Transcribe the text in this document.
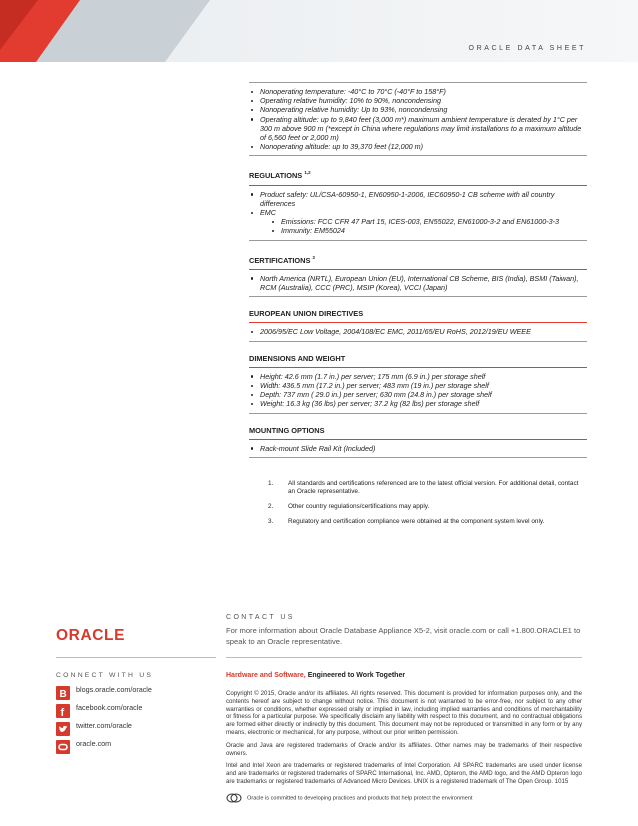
ORACLE DATA SHEET
Nonoperating temperature: -40°C to 70°C (-40°F to 158°F)
Operating relative humidity: 10% to 90%, noncondensing
Nonoperating relative humidity: Up to 93%, noncondensing
Operating altitude: up to 9,840 feet (3,000 m*) maximum ambient temperature is derated by 1°C per 300 m above 900 m (*except in China where regulations may limit installations to a maximum altitude of 6,560 feet or 2,000 m)
Nonoperating altitude: up to 39,370 feet (12,000 m)
REGULATIONS $^{1,2}$
Product safety: UL/CSA-60950-1, EN60950-1-2006, IEC60950-1 CB scheme with all country differences
EMC
Emissions: FCC CFR 47 Part 15, ICES-003, EN55022, EN61000-3-2 and EN61000-3-3
Immunity: EM55024
CERTIFICATIONS $^2$
North America (NRTL), European Union (EU), International CB Scheme, BIS (India), BSMI (Taiwan), RCM (Australia), CCC (PRC), MSIP (Korea), VCCI (Japan)
EUROPEAN UNION DIRECTIVES
2006/95/EC Low Voltage, 2004/108/EC EMC, 2011/65/EU RoHS, 2012/19/EU WEEE
DIMENSIONS AND WEIGHT
Height: 42.6 mm (1.7 in.) per server; 175 mm (6.9 in.) per storage shelf
Width: 436.5 mm (17.2 in.) per server; 483 mm (19 in.) per storage shelf
Depth: 737 mm ( 29.0 in.) per server; 630 mm (24.8 in.) per storage shelf
Weight: 16.3 kg (36 lbs) per server; 37.2 kg (82 lbs) per storage shelf
MOUNTING OPTIONS
Rack-mount Slide Rail Kit (Included)
1. All standards and certifications referenced are to the latest official version. For additional detail, contact an Oracle representative.
2. Other country regulations/certifications may apply.
3. Regulatory and certification compliance were obtained at the component system level only.
ORACLE
CONTACT US
For more information about Oracle Database Appliance X5-2, visit oracle.com or call +1.800.ORACLE1 to speak to an Oracle representative.
CONNECT WITH US
B blogs.oracle.com/oracle
f facebook.com/oracle
twitter.com/oracle
oracle.com
Hardware and Software, Engineered to Work Together

Copyright © 2015, Oracle and/or its affiliates. All rights reserved. This document is provided for information purposes only, and the contents hereof are subject to change without notice. This document is not warranted to be error-free, nor subject to any other warranties or conditions, whether expressed orally or implied in law, including implied warranties and conditions of merchantability or fitness for a particular purpose. We specifically disclaim any liability with respect to this document, and no contractual obligations are formed either directly or indirectly by this document. This document may not be reproduced or transmitted in any form or by any means, electronic or mechanical, for any purpose, without our prior written permission.

Oracle and Java are registered trademarks of Oracle and/or its affiliates. Other names may be trademarks of their respective owners.

Intel and Intel Xeon are trademarks or registered trademarks of Intel Corporation. All SPARC trademarks are used under license and are trademarks or registered trademarks of SPARC International, Inc. AMD, Opteron, the AMD logo, and the AMD Opteron logo are trademarks or registered trademarks of Advanced Micro Devices. UNIX is a registered trademark of The Open Group. 1015

Oracle is committed to developing practices and products that help protect the environment
